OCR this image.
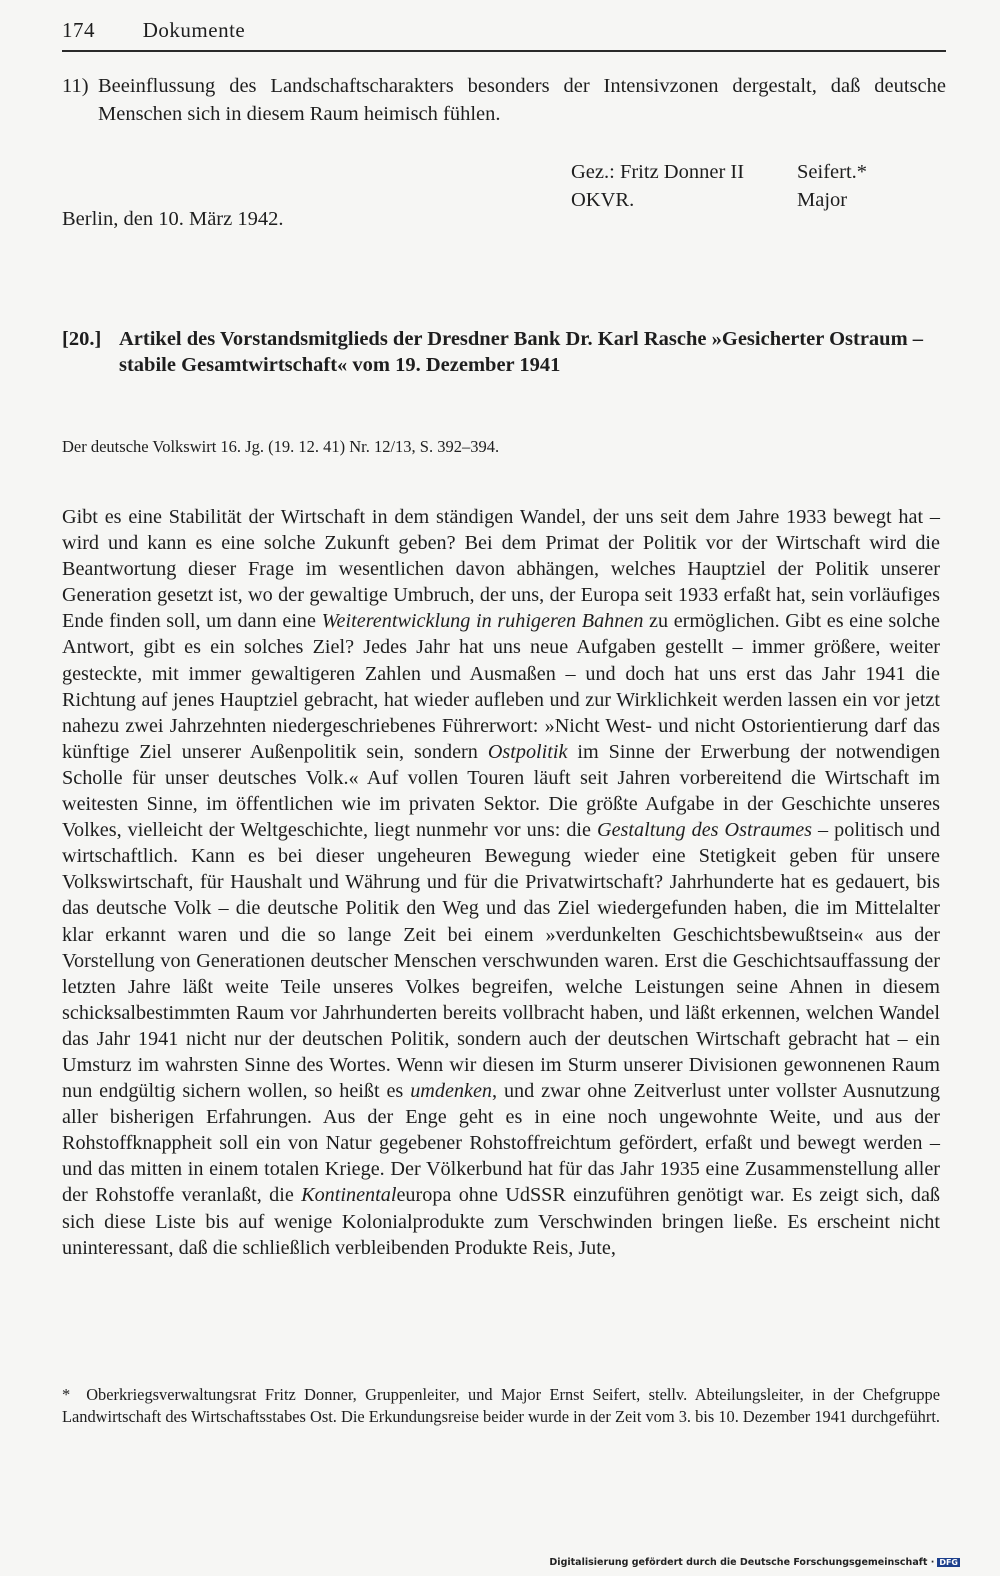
174 Dokumente
11) Beeinflussung des Landschaftscharakters besonders der Intensivzonen dergestalt, daß deutsche Menschen sich in diesem Raum heimisch fühlen.
Gez.: Fritz Donner II
OKVR.
Seifert.*
Major
Berlin, den 10. März 1942.
[20.] Artikel des Vorstandsmitglieds der Dresdner Bank Dr. Karl Rasche »Gesicherter Ostraum – stabile Gesamtwirtschaft« vom 19. Dezember 1941
Der deutsche Volkswirt 16. Jg. (19. 12. 41) Nr. 12/13, S. 392–394.
Gibt es eine Stabilität der Wirtschaft in dem ständigen Wandel, der uns seit dem Jahre 1933 bewegt hat – wird und kann es eine solche Zukunft geben? Bei dem Primat der Politik vor der Wirtschaft wird die Beantwortung dieser Frage im wesentlichen davon abhängen, welches Hauptziel der Politik unserer Generation gesetzt ist, wo der gewaltige Umbruch, der uns, der Europa seit 1933 erfaßt hat, sein vorläufiges Ende finden soll, um dann eine Weiterentwicklung in ruhigeren Bahnen zu ermöglichen. Gibt es eine solche Antwort, gibt es ein solches Ziel? Jedes Jahr hat uns neue Aufgaben gestellt – immer größere, weiter gesteckte, mit immer gewaltigeren Zahlen und Ausmaßen – und doch hat uns erst das Jahr 1941 die Richtung auf jenes Hauptziel gebracht, hat wieder aufleben und zur Wirklichkeit werden lassen ein vor jetzt nahezu zwei Jahrzehnten niedergeschriebenes Führerwort: »Nicht West- und nicht Ostorientierung darf das künftige Ziel unserer Außenpolitik sein, sondern Ostpolitik im Sinne der Erwerbung der notwendigen Scholle für unser deutsches Volk.« Auf vollen Touren läuft seit Jahren vorbereitend die Wirtschaft im weitesten Sinne, im öffentlichen wie im privaten Sektor. Die größte Aufgabe in der Geschichte unseres Volkes, vielleicht der Weltgeschichte, liegt nunmehr vor uns: die Gestaltung des Ostraumes – politisch und wirtschaftlich. Kann es bei dieser ungeheuren Bewegung wieder eine Stetigkeit geben für unsere Volkswirtschaft, für Haushalt und Währung und für die Privatwirtschaft? Jahrhunderte hat es gedauert, bis das deutsche Volk – die deutsche Politik den Weg und das Ziel wiedergefunden haben, die im Mittelalter klar erkannt waren und die so lange Zeit bei einem »verdunkelten Geschichtsbewußtsein« aus der Vorstellung von Generationen deutscher Menschen verschwunden waren. Erst die Geschichtsauffassung der letzten Jahre läßt weite Teile unseres Volkes begreifen, welche Leistungen seine Ahnen in diesem schicksalbestimmten Raum vor Jahrhunderten bereits vollbracht haben, und läßt erkennen, welchen Wandel das Jahr 1941 nicht nur der deutschen Politik, sondern auch der deutschen Wirtschaft gebracht hat – ein Umsturz im wahrsten Sinne des Wortes. Wenn wir diesen im Sturm unserer Divisionen gewonnenen Raum nun endgültig sichern wollen, so heißt es umdenken, und zwar ohne Zeitverlust unter vollster Ausnutzung aller bisherigen Erfahrungen. Aus der Enge geht es in eine noch ungewohnte Weite, und aus der Rohstoffknappheit soll ein von Natur gegebener Rohstoffreichtum gefördert, erfaßt und bewegt werden – und das mitten in einem totalen Kriege. Der Völkerbund hat für das Jahr 1935 eine Zusammenstellung aller der Rohstoffe veranlaßt, die Kontinentaleuropa ohne UdSSR einzuführen genötigt war. Es zeigt sich, daß sich diese Liste bis auf wenige Kolonialprodukte zum Verschwinden bringen ließe. Es erscheint nicht uninteressant, daß die schließlich verbleibenden Produkte Reis, Jute,
* Oberkriegsverwaltungsrat Fritz Donner, Gruppenleiter, und Major Ernst Seifert, stellv. Abteilungsleiter, in der Chefgruppe Landwirtschaft des Wirtschaftsstabes Ost. Die Erkundungsreise beider wurde in der Zeit vom 3. bis 10. Dezember 1941 durchgeführt.
Digitalisierung gefördert durch die Deutsche Forschungsgemeinschaft · DFG
